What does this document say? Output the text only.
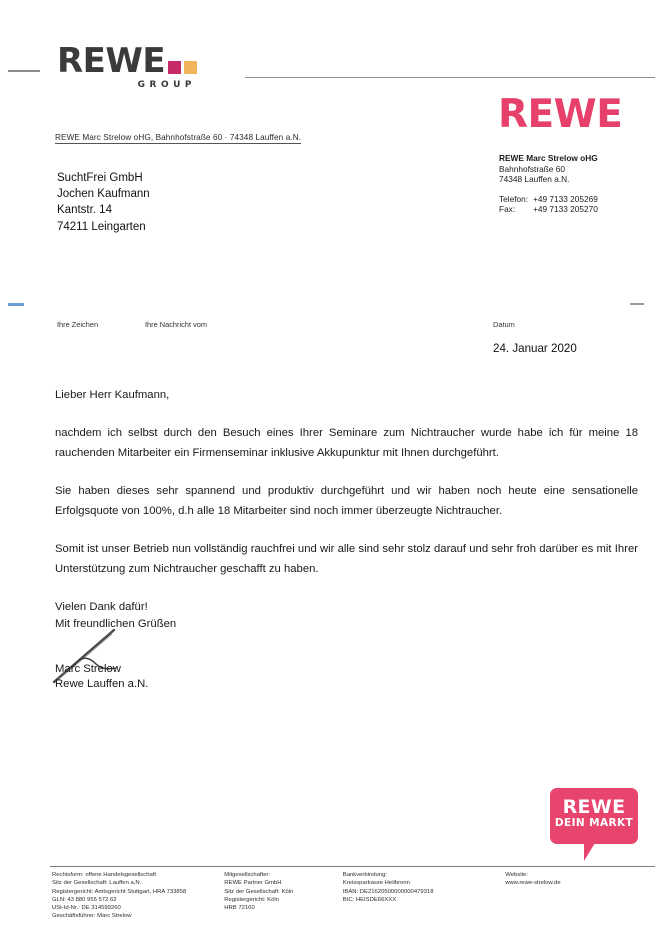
REWE
GROUP
REWE
REWE Marc Strelow oHG, Bahnhofstraße 60 · 74348 Lauffen a.N.
SuchtFrei GmbH
Jochen Kaufmann
Kantstr. 14
74211 Leingarten
REWE Marc Strelow oHG
Bahnhofstraße 60
74348 Lauffen a.N.
Telefon: +49 7133 205269
Fax:	+49 7133 205270
Ihre Zeichen	Ihre Nachricht vom	Datum
24. Januar 2020

Lieber Herr Kaufmann,

nachdem ich selbst durch den Besuch eines Ihrer Seminare zum Nichtraucher wurde habe ich für meine 18 rauchenden Mitarbeiter ein Firmenseminar inklusive Akkupunktur mit Ihnen durchgeführt.

Sie haben dieses sehr spannend und produktiv durchgeführt und wir haben noch heute eine sensationelle Erfolgsquote von 100%, d.h alle 18 Mitarbeiter sind noch immer überzeugte Nichtraucher.

Somit ist unser Betrieb nun vollständig rauchfrei und wir alle sind sehr stolz darauf und sehr froh darüber es mit Ihrer Unterstützung zum Nichtraucher geschafft zu haben.

Vielen Dank dafür!

Mit freundlichen Grüßen
Marc Strelow
Rewe Lauffen a.N.
REWE
DEIN MARKT
Rechtsform: offene Handelsgesellschaft
Sitz der Gesellschaft: Lauffen a.N.
Registergericht: Amtsgericht Stuttgart, HRA 733858
GLN: 43 880 955 572 62
USt-Id-Nr.: DE 314599260
Geschäftsführer: Marc Strelow
Mitgesellschafter:
REWE Partner GmbH
Sitz der Gesellschaft: Köln
Registergericht: Köln
HRB 72160
Bankverbindung:
Kreissparkasse Heilbronn
IBAN: DE21620500000000479318
BIC: HEISDE66XXX
Website:
www.rewe-strelow.de
